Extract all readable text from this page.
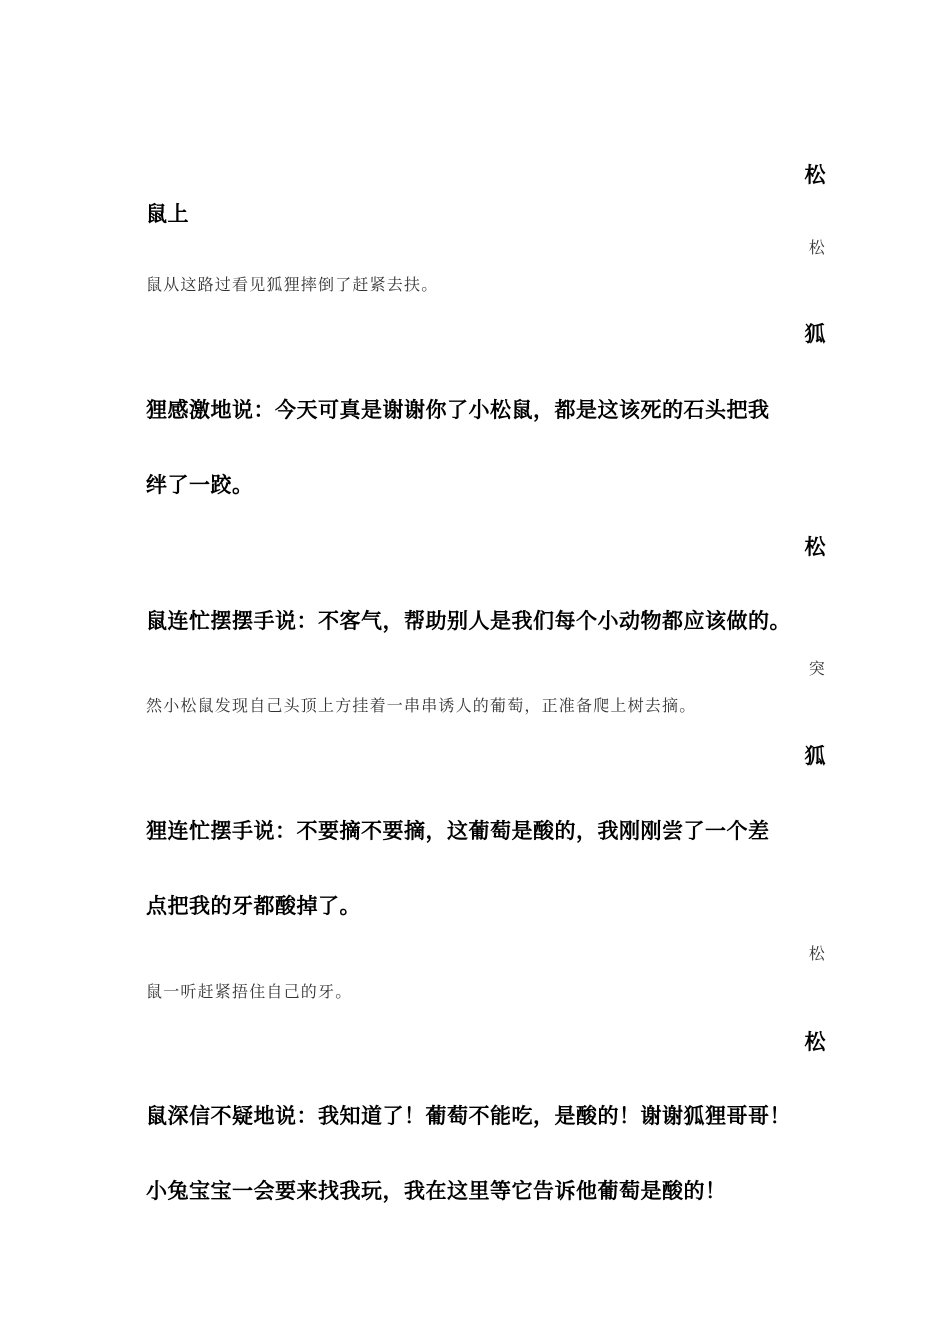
松
鼠上
松
鼠从这路过看见狐狸摔倒了赶紧去扶。
狐
狸感激地说：今天可真是谢谢你了小松鼠，都是这该死的石头把我
绊了一跤。
松
鼠连忙摆摆手说：不客气，帮助别人是我们每个小动物都应该做的。
突
然小松鼠发现自己头顶上方挂着一串串诱人的葡萄，正准备爬上树去摘。
狐
狸连忙摆手说：不要摘不要摘，这葡萄是酸的，我刚刚尝了一个差
点把我的牙都酸掉了。
松
鼠一听赶紧捂住自己的牙。
松
鼠深信不疑地说：我知道了！葡萄不能吃，是酸的！谢谢狐狸哥哥！
小兔宝宝一会要来找我玩，我在这里等它告诉他葡萄是酸的！
